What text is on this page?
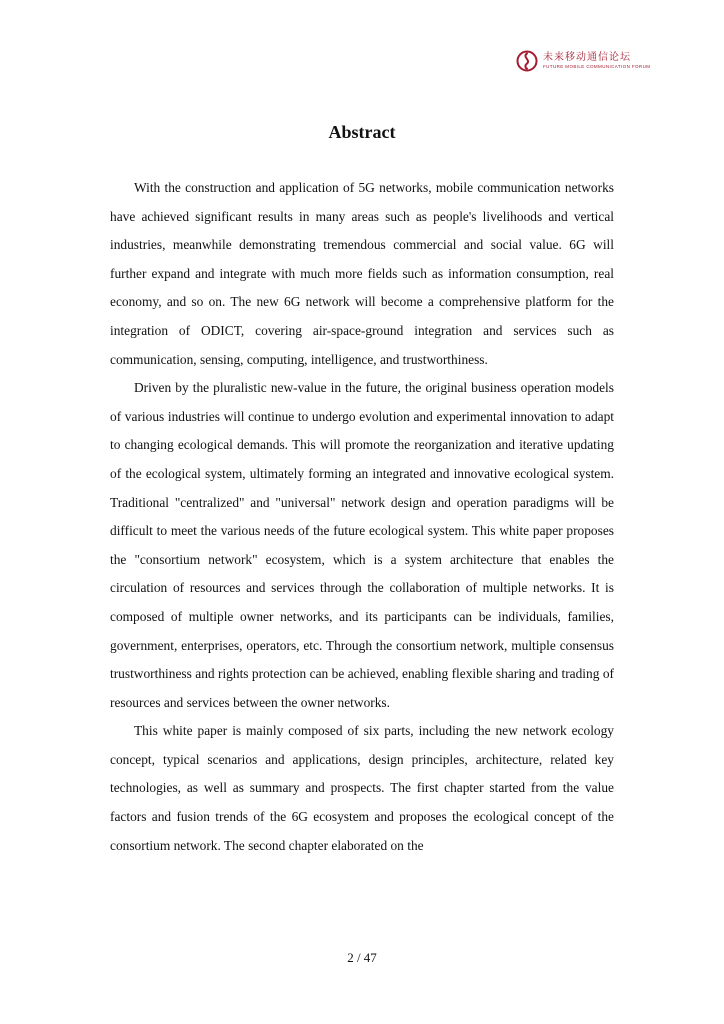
未来移动通信论坛
FUTURE MOBILE COMMUNICATION FORUM
Abstract

With the construction and application of 5G networks, mobile communication networks have achieved significant results in many areas such as people's livelihoods and vertical industries, meanwhile demonstrating tremendous commercial and social value. 6G will further expand and integrate with much more fields such as information consumption, real economy, and so on. The new 6G network will become a comprehensive platform for the integration of ODICT, covering air-space-ground integration and services such as communication, sensing, computing, intelligence, and trustworthiness.

Driven by the pluralistic new-value in the future, the original business operation models of various industries will continue to undergo evolution and experimental innovation to adapt to changing ecological demands. This will promote the reorganization and iterative updating of the ecological system, ultimately forming an integrated and innovative ecological system. Traditional "centralized" and "universal" network design and operation paradigms will be difficult to meet the various needs of the future ecological system. This white paper proposes the "consortium network" ecosystem, which is a system architecture that enables the circulation of resources and services through the collaboration of multiple networks. It is composed of multiple owner networks, and its participants can be individuals, families, government, enterprises, operators, etc. Through the consortium network, multiple consensus trustworthiness and rights protection can be achieved, enabling flexible sharing and trading of resources and services between the owner networks.

This white paper is mainly composed of six parts, including the new network ecology concept, typical scenarios and applications, design principles, architecture, related key technologies, as well as summary and prospects. The first chapter started from the value factors and fusion trends of the 6G ecosystem and proposes the ecological concept of the consortium network. The second chapter elaborated on the

2 / 47
